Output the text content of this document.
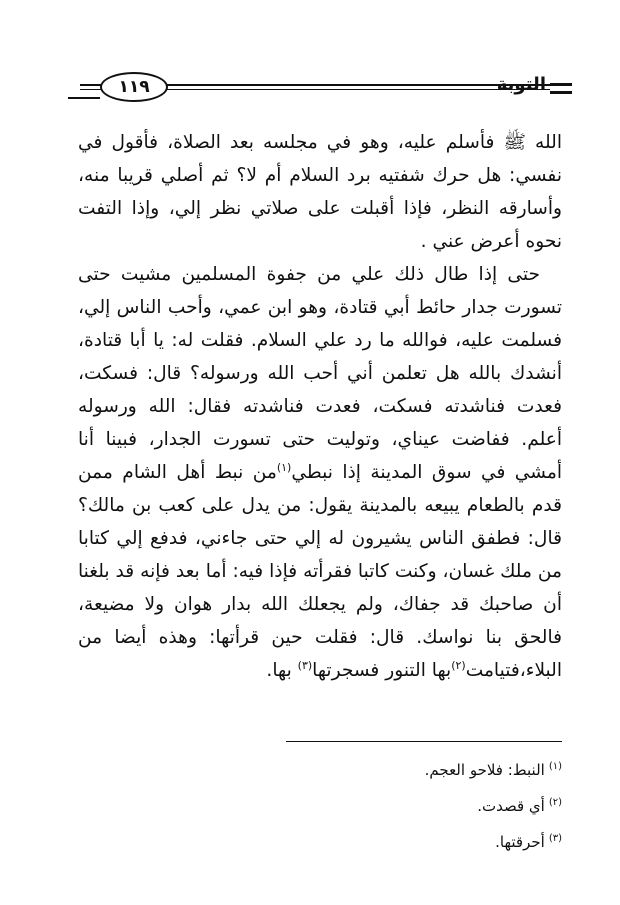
١١٩	التوبة

الله ﷺ فأسلم عليه، وهو في مجلسه بعد الصلاة، فأقول في نفسي: هل حرك شفتيه برد السلام أم لا؟ ثم أصلي قريبا منه، وأسارقه النظر، فإذا أقبلت على صلاتي نظر إلي، وإذا التفت نحوه أعرض عني .

حتى إذا طال ذلك علي من جفوة المسلمين مشيت حتى تسورت جدار حائط أبي قتادة، وهو ابن عمي، وأحب الناس إلي، فسلمت عليه، فوالله ما رد علي السلام. فقلت له: يا أبا قتادة، أنشدك بالله هل تعلمن أني أحب الله ورسوله؟ قال: فسكت، فعدت فناشدته فسكت، فعدت فناشدته فقال: الله ورسوله أعلم. ففاضت عيناي، وتوليت حتى تسورت الجدار، فبينا أنا أمشي في سوق المدينة إذا نبطي$^{(١)}$من نبط أهل الشام ممن قدم بالطعام يبيعه بالمدينة يقول: من يدل على كعب بن مالك؟ قال: فطفق الناس يشيرون له إلي حتى جاءني، فدفع إلي كتابا من ملك غسان، وكنت كاتبا فقرأته فإذا فيه: أما بعد فإنه قد بلغنا أن صاحبك قد جفاك، ولم يجعلك الله بدار هوان ولا مضيعة، فالحق بنا نواسك. قال: فقلت حين قرأتها: وهذه أيضا من البلاء،فتيامت$^{(٢)}$بها التنور فسجرتها$^{(٣)}$ بها.

$^{(١)}$النبط: فلاحو العجم.
$^{(٢)}$أي قصدت.
$^{(٣)}$أحرقتها.
